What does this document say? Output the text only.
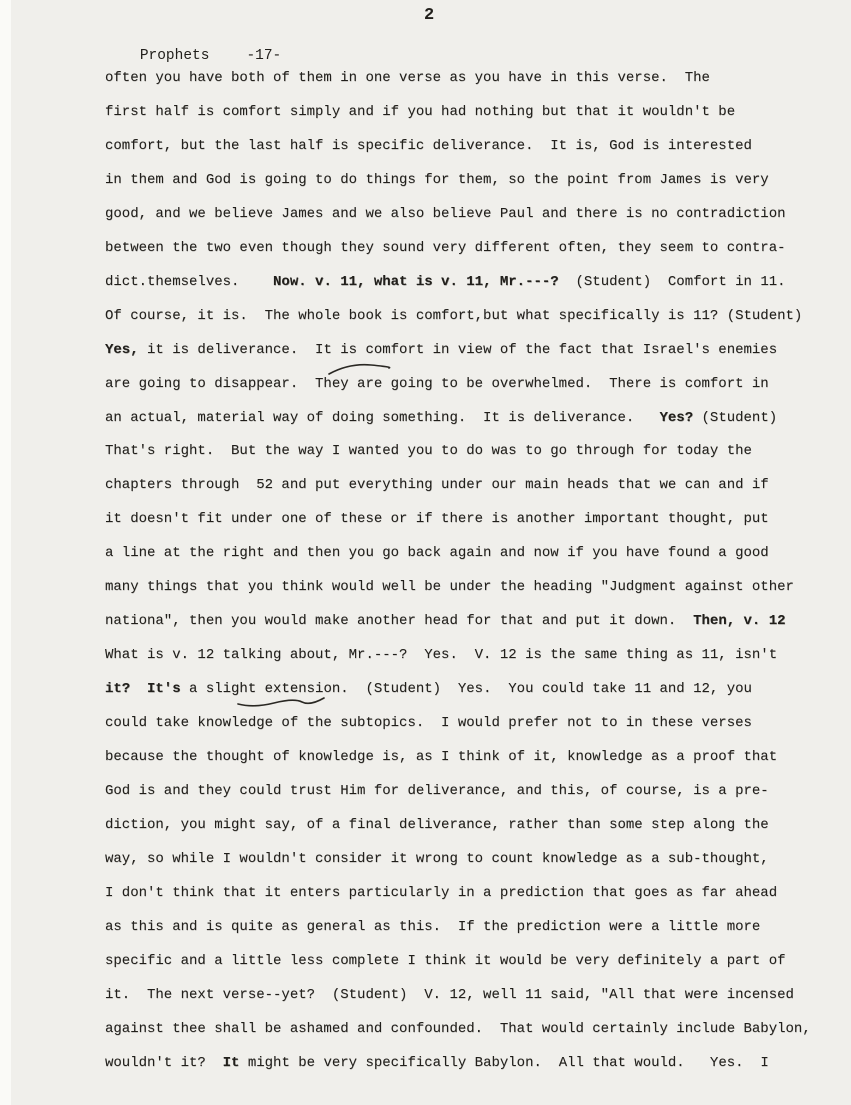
2

Prophets	-17-

often you have both of them in one verse as you have in this verse.  The
first half is comfort simply and if you had nothing but that it wouldn't be
comfort, but the last half is specific deliverance.  It is, God is interested
in them and God is going to do things for them, so the point from James is very
good, and we believe James and we also believe Paul and there is no contradiction
between the two even though they sound very different often, they seem to contra-
dict.themselves.    Now. v. 11, what is v. 11, Mr.---?  (Student)  Comfort in 11.
Of course, it is.  The whole book is comfort,but what specifically is 11? (Student)
Yes, it is deliverance.  It is comfort in view of the fact that Israel's enemies
are going to disappear.  They are going to be overwhelmed.  There is comfort in
an actual, material way of doing something.  It is deliverance.   Yes? (Student)
That's right.  But the way I wanted you to do was to go through for today the
chapters through  52 and put everything under our main heads that we can and if
it doesn't fit under one of these or if there is another important thought, put
a line at the right and then you go back again and now if you have found a good
many things that you think would well be under the heading "Judgment against other
nationa", then you would make another head for that and put it down.  Then, v. 12
What is v. 12 talking about, Mr.---?  Yes.  V. 12 is the same thing as 11, isn't
it?  It's a slight extension.  (Student)  Yes.  You could take 11 and 12, you
could take knowledge of the subtopics.  I would prefer not to in these verses
because the thought of knowledge is, as I think of it, knowledge as a proof that
God is and they could trust Him for deliverance, and this, of course, is a pre-
diction, you might say, of a final deliverance, rather than some step along the
way, so while I wouldn't consider it wrong to count knowledge as a sub-thought,
I don't think that it enters particularly in a prediction that goes as far ahead
as this and is quite as general as this.  If the prediction were a little more
specific and a little less complete I think it would be very definitely a part of
it.  The next verse--yet?  (Student)  V. 12, well 11 said, "All that were incensed
against thee shall be ashamed and confounded.  That would certainly include Babylon,
wouldn't it?  It might be very specifically Babylon.  All that would.   Yes.  I
